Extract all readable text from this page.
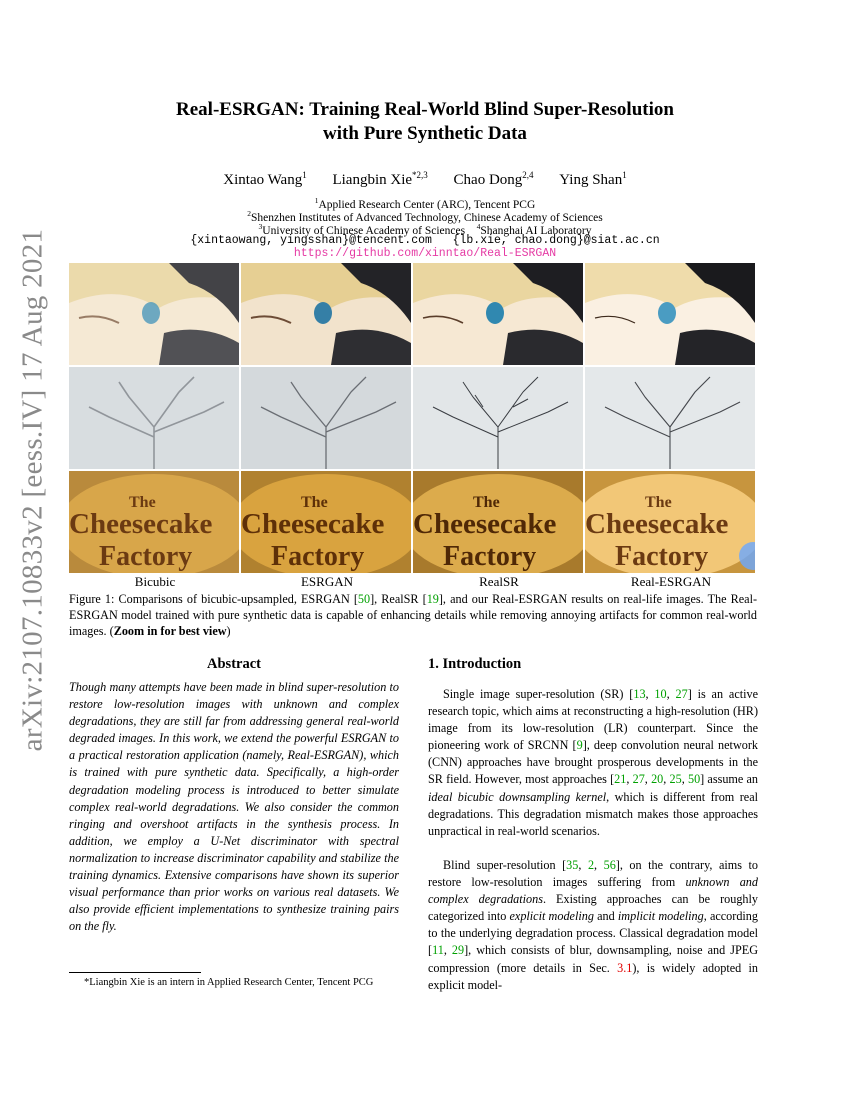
arXiv:2107.10833v2 [eess.IV] 17 Aug 2021
Real-ESRGAN: Training Real-World Blind Super-Resolution
with Pure Synthetic Data
Xintao Wang$^1$ Liangbin Xie$^{*2,3}$ Chao Dong$^{2,4}$ Ying Shan$^1$
$^1$Applied Research Center (ARC), Tencent PCG
$^2$Shenzhen Institutes of Advanced Technology, Chinese Academy of Sciences
$^3$University of Chinese Academy of Sciences $^4$Shanghai AI Laboratory
{xintaowang, yingsshan}@tencent.com   {lb.xie, chao.dong}@siat.ac.cn
https://github.com/xinntao/Real-ESRGAN
The
Cheesecake
Factory
The
Cheesecake
Factory
The
Cheesecake
Factory
The
Cheesecake
Factory
Bicubic	ESRGAN	RealSR	Real-ESRGAN
Figure 1: Comparisons of bicubic-upsampled, ESRGAN [50], RealSR [19], and our Real-ESRGAN results on real-life images. The Real-ESRGAN model trained with pure synthetic data is capable of enhancing details while removing annoying artifacts for common real-world images. (Zoom in for best view)
Abstract
Though many attempts have been made in blind super-resolution to restore low-resolution images with unknown and complex degradations, they are still far from addressing general real-world degraded images. In this work, we extend the powerful ESRGAN to a practical restoration application (namely, Real-ESRGAN), which is trained with pure synthetic data. Specifically, a high-order degradation modeling process is introduced to better simulate complex real-world degradations. We also consider the common ringing and overshoot artifacts in the synthesis process. In addition, we employ a U-Net discriminator with spectral normalization to increase discriminator capability and stabilize the training dynamics. Extensive comparisons have shown its superior visual performance than prior works on various real datasets. We also provide efficient implementations to synthesize training pairs on the fly.
*Liangbin Xie is an intern in Applied Research Center, Tencent PCG
1. Introduction

Single image super-resolution (SR) [13, 10, 27] is an active research topic, which aims at reconstructing a high-resolution (HR) image from its low-resolution (LR) counterpart. Since the pioneering work of SRCNN [9], deep convolution neural network (CNN) approaches have brought prosperous developments in the SR field. However, most approaches [21, 27, 20, 25, 50] assume an ideal bicubic downsampling kernel, which is different from real degradations. This degradation mismatch makes those approaches unpractical in real-world scenarios.

Blind super-resolution [35, 2, 56], on the contrary, aims to restore low-resolution images suffering from unknown and complex degradations. Existing approaches can be roughly categorized into explicit modeling and implicit modeling, according to the underlying degradation process. Classical degradation model [11, 29], which consists of blur, downsampling, noise and JPEG compression (more details in Sec. 3.1), is widely adopted in explicit model-
